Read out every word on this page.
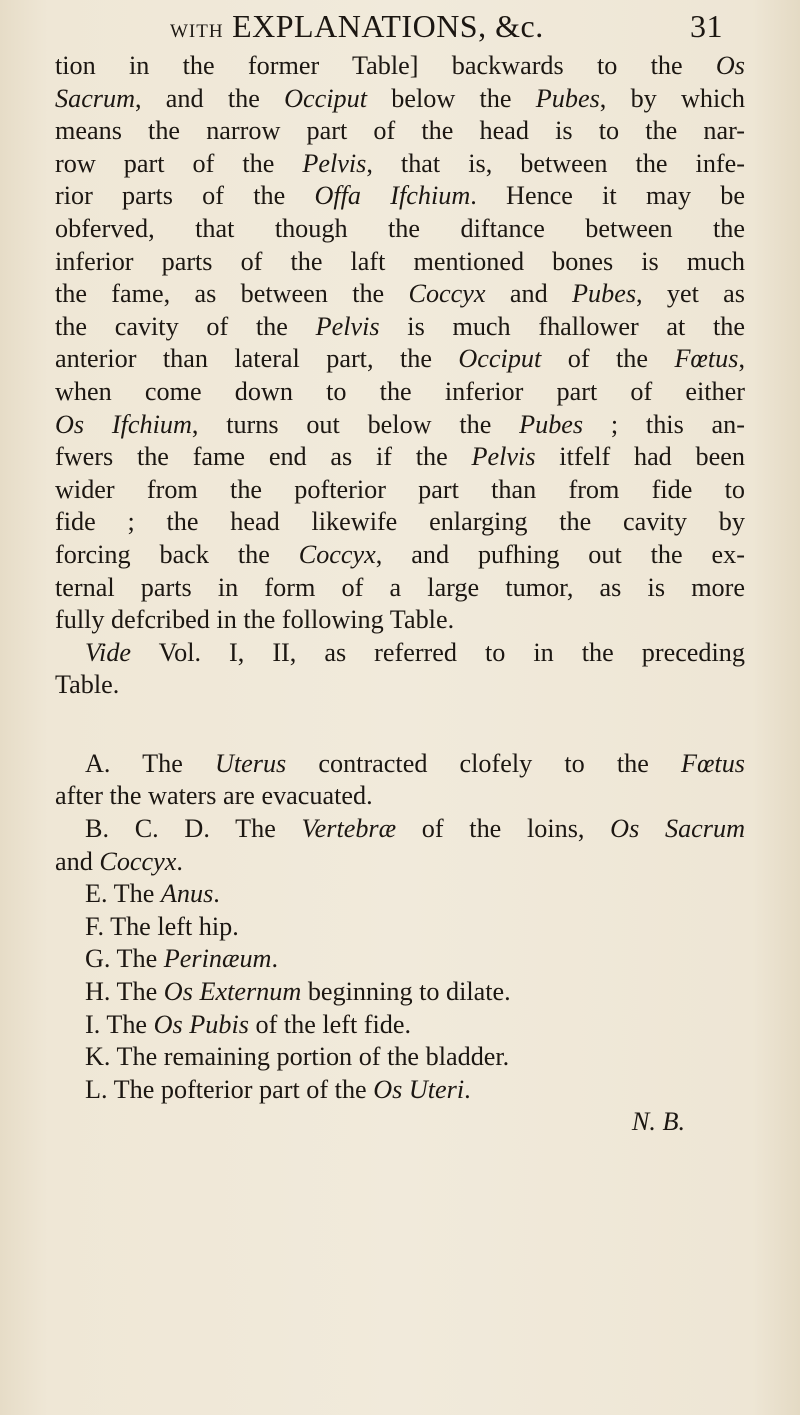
WITH EXPLANATIONS, &c.	31
tion in the former Table] backwards to the Os
Sacrum, and the Occiput below the Pubes, by which
means the narrow part of the head is to the nar-
row part of the Pelvis, that is, between the infe-
rior parts of the Offa Ifchium. Hence it may be
obferved, that though the diftance between the
inferior parts of the laft mentioned bones is much
the fame, as between the Coccyx and Pubes, yet as
the cavity of the Pelvis is much fhallower at the
anterior than lateral part, the Occiput of the Fœtus,
when come down to the inferior part of either
Os Ifchium, turns out below the Pubes ; this an-
fwers the fame end as if the Pelvis itfelf had been
wider from the pofterior part than from fide to
fide ; the head likewife enlarging the cavity by
forcing back the Coccyx, and pufhing out the ex-
ternal parts in form of a large tumor, as is more
fully defcribed in the following Table.
Vide Vol. I, II, as referred to in the preceding
Table.
A. The Uterus contracted clofely to the Fœtus
after the waters are evacuated.
B. C. D. The Vertebræ of the loins, Os Sacrum
and Coccyx.
E. The Anus.
F. The left hip.
G. The Perinæum.
H. The Os Externum beginning to dilate.
I. The Os Pubis of the left fide.
K. The remaining portion of the bladder.
L. The pofterior part of the Os Uteri.
N. B.
